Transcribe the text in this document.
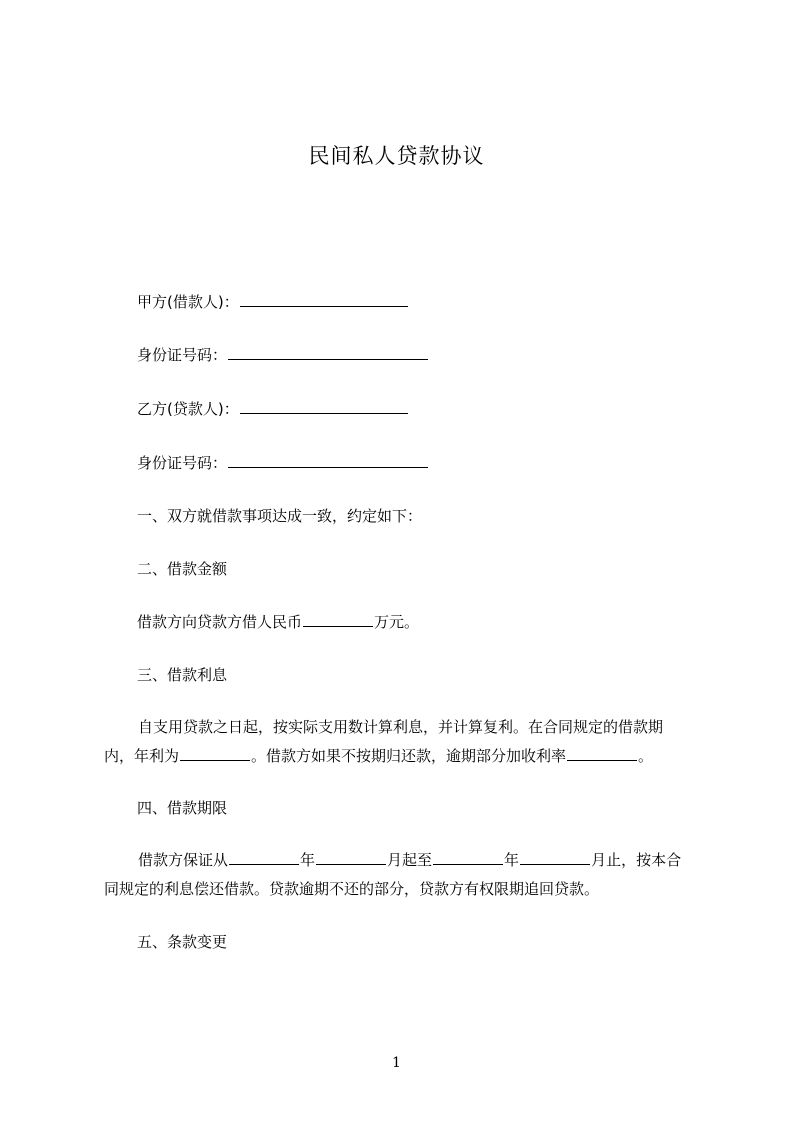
民间私人贷款协议
甲方(借款人)：
身份证号码：
乙方(贷款人)：
身份证号码：
一、双方就借款事项达成一致，约定如下：
二、借款金额
借款方向贷款方借人民币	万元。
三、借款利息
自支用贷款之日起，按实际支用数计算利息，并计算复利。在合同规定的借款期
内，年利为	。借款方如果不按期归还款，逾期部分加收利率	。
四、借款期限
借款方保证从	年	月起至	年	月止，按本合
同规定的利息偿还借款。贷款逾期不还的部分，贷款方有权限期追回贷款。
五、条款变更
1
